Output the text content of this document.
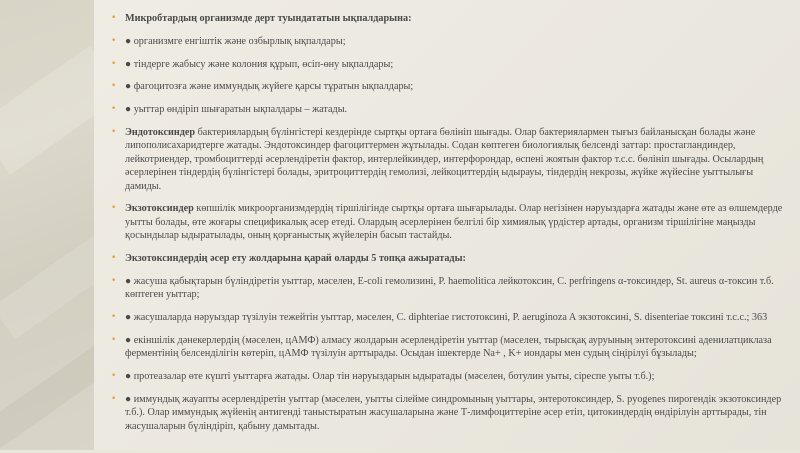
• Микробтардың организмде дерт туындататын ықпалдарына:
• ● организмге енгіштік және озбырлық ықпалдары;
• ● тіндерге жабысу және колония құрып, өсіп-өну ықпалдары;
• ● фагоцитозға және иммундық жүйеге қарсы тұратын ықпалдары;
• ● уыттар өндіріп шығаратын ықпалдары – жатады.
• Эндотоксиндер бактериялардың бүлінгістері кездерінде сыртқы ортаға бөлініп шығады. Олар бактериялармен тығыз байланысқан болады және липополисахаридтерге жатады. Эндотоксиндер фагоциттермен жұтылады. Содан көптеген биологиялық белсенді заттар: простагландиндер, лейкотриендер, тромбоциттерді әсерлендіретін фактор, интерлейкиндер, интерфорондар, өспені жоятын фактор т.с.с. бөлініп шығады. Осылардың әсерлерінен тіндердің бүлінгістері болады, эритроциттердің гемолизі, лейкоциттердің ыдырауы, тіндердің некрозы, жүйке жүйесіне уыттылығы дамиды.
• Экзотоксиндер көпшілік микроорганизмдердің тіршілігінде сыртқы ортаға шығарылады. Олар негізінен нәруыздарға жатады және өте аз өлшемдерде уытты болады, өте жоғары спецификалық әсер етеді. Олардың әсерлерінен белгілі бір химиялық үрдістер артады, организм тіршілігіне маңызды қосындылар ыдыратылады, оның қорғаныстық жүйелерін басып тастайды.
• Экзотоксиндердің әсер ету жолдарына қарай оларды 5 топқа ажыратады:
• ● жасуша қабықтарын бүліндіретін уыттар, мәселен, E-coli гемолизині, P. haemolitica лейкотоксин, C. perfringens α-токсиндер, St. aureus α-токсин т.б. көптеген уыттар;
• ● жасушаларда нәруыздар түзілуін тежейтін уыттар, мәселен, C. diphteriae гистотоксині, P. aeruginoza A экзотоксині, S. disenteriae токсині т.с.с.; 363
• ● екіншілік дәнекерлердің (мәселен, цАМФ) алмасу жолдарын әсерлендіретін уыттар (мәселен, тырысқақ ауруының энтеротоксині аденилатциклаза ферментінің белсенділігін көтеріп, цАМФ түзілуін арттырады. Осыдан ішектерде Na+ , K+ иондары мен судың сіңірілуі бұзылады;
• ● протеазалар өте күшті уыттарға жатады. Олар тін нәруыздарын ыдыратады (мәселен, ботулин уыты, сіреспе уыты т.б.);
• ● иммундық жауапты әсерлендіретін уыттар (мәселен, уытты сілейме синдромының уыттары, энтеротоксиндер, S. pyogenes пирогендік экзотоксиндер т.б.). Олар иммундық жүйенің антигенді таныстыратын жасушаларына және Т-лимфоциттеріне әсер етіп, цитокиндердің өндірілуін арттырады, тін жасушаларын бүліндіріп, қабыну дамытады.
